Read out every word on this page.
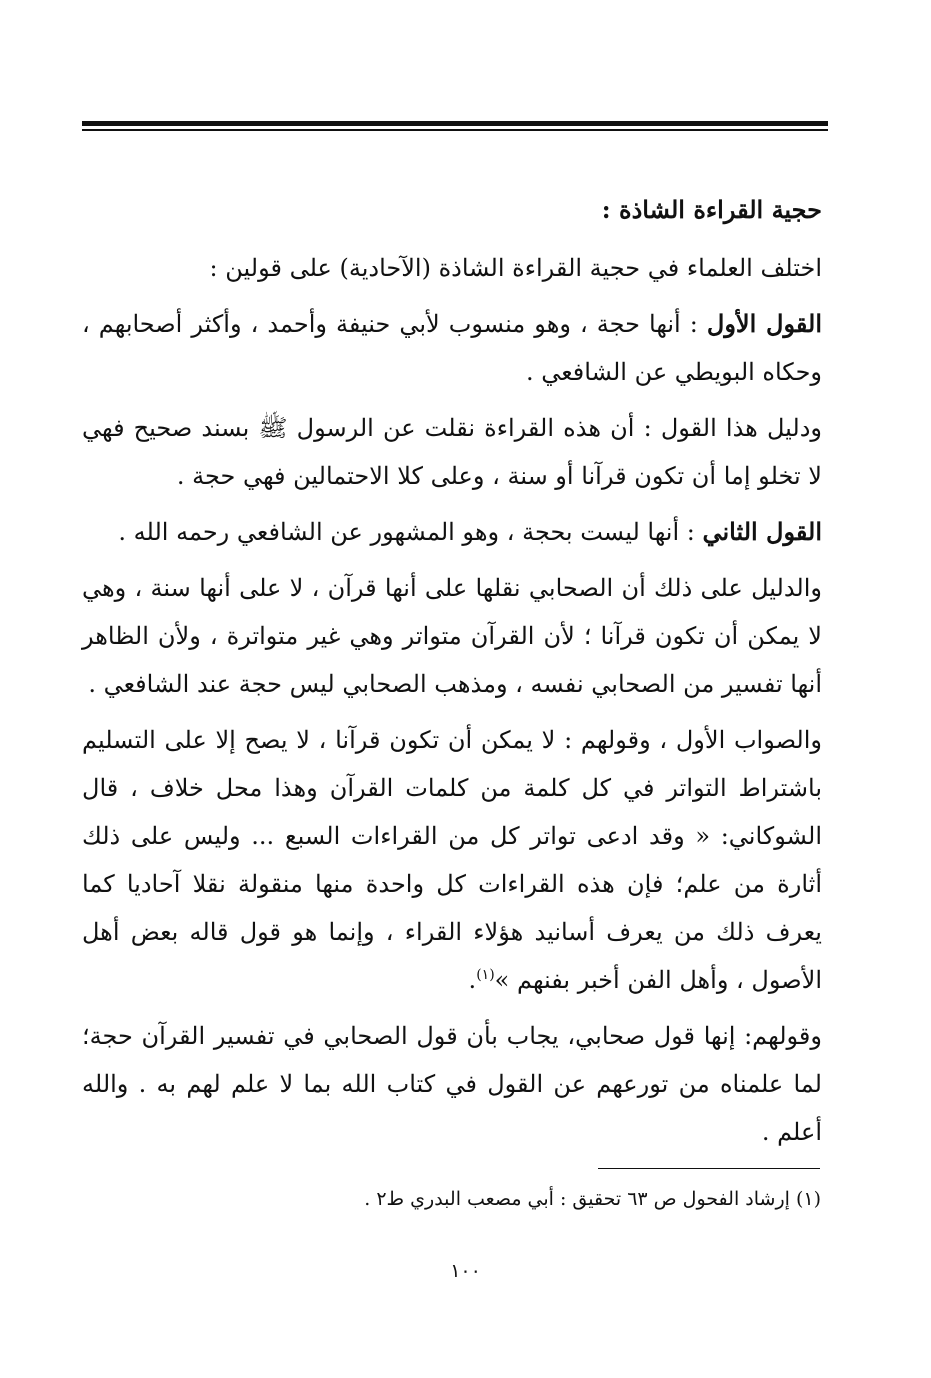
حجية القراءة الشاذة :

اختلف العلماء في حجية القراءة الشاذة (الآحادية) على قولين :

القول الأول : أنها حجة ، وهو منسوب لأبي حنيفة وأحمد ، وأكثر أصحابهم ، وحكاه البويطي عن الشافعي .

ودليل هذا القول : أن هذه القراءة نقلت عن الرسول ﷺ بسند صحيح فهي لا تخلو إما أن تكون قرآنا أو سنة ، وعلى كلا الاحتمالين فهي حجة .

القول الثاني : أنها ليست بحجة ، وهو المشهور عن الشافعي رحمه الله .

والدليل على ذلك أن الصحابي نقلها على أنها قرآن ، لا على أنها سنة ، وهي لا يمكن أن تكون قرآنا ؛ لأن القرآن متواتر وهي غير متواترة ، ولأن الظاهر أنها تفسير من الصحابي نفسه ، ومذهب الصحابي ليس حجة عند الشافعي .

والصواب الأول ، وقولهم : لا يمكن أن تكون قرآنا ، لا يصح إلا على التسليم باشتراط التواتر في كل كلمة من كلمات القرآن وهذا محل خلاف ، قال الشوكاني: « وقد ادعى تواتر كل من القراءات السبع ... وليس على ذلك أثارة من علم؛ فإن هذه القراءات كل واحدة منها منقولة نقلا آحاديا كما يعرف ذلك من يعرف أسانيد هؤلاء القراء ، وإنما هو قول قاله بعض أهل الأصول ، وأهل الفن أخبر بفنهم »$^{(١)}$.

وقولهم: إنها قول صحابي، يجاب بأن قول الصحابي في تفسير القرآن حجة؛ لما علمناه من تورعهم عن القول في كتاب الله بما لا علم لهم به . والله أعلم .

(١) إرشاد الفحول ص ٦٣ تحقيق : أبي مصعب البدري ط٢ .
١٠٠
